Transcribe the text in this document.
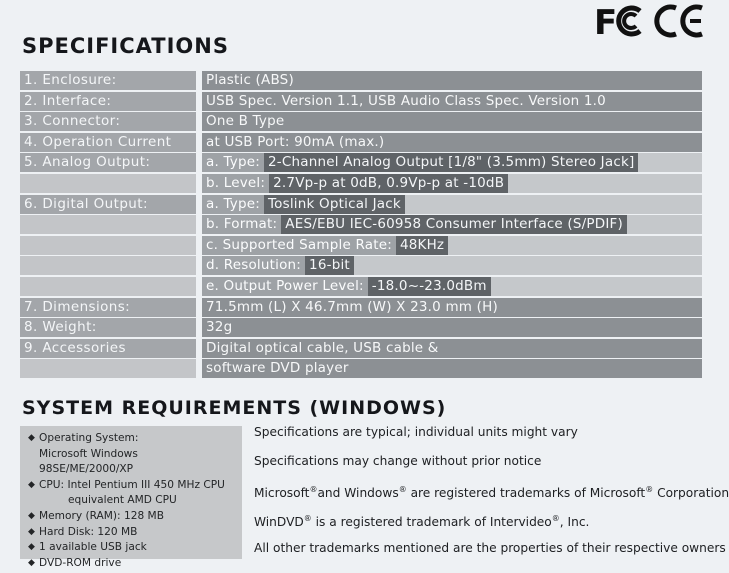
F
SPECIFICATIONS
1. Enclosure:	Plastic (ABS)
2. Interface:	USB Spec. Version 1.1, USB Audio Class Spec. Version 1.0
3. Connector:	One B Type
4. Operation Current	at USB Port: 90mA (max.)
5. Analog Output:	a. Type: 2-Channel Analog Output [1/8" (3.5mm) Stereo Jack]
b. Level: 2.7Vp-p at 0dB, 0.9Vp-p at -10dB
6. Digital Output:	a. Type: Toslink Optical Jack
b. Format: AES/EBU IEC-60958 Consumer Interface (S/PDIF)
c. Supported Sample Rate: 48KHz
d. Resolution: 16-bit
e. Output Power Level: -18.0~-23.0dBm
7. Dimensions:	71.5mm (L) X 46.7mm (W) X 23.0 mm (H)
8. Weight:	32g
9. Accessories	Digital optical cable, USB cable &
software DVD player
SYSTEM REQUIREMENTS (WINDOWS)
◆ Operating System:
Microsoft Windows 98SE/ME/2000/XP
◆ CPU: Intel Pentium III 450 MHz CPU
equivalent AMD CPU
◆ Memory (RAM): 128 MB
◆ Hard Disk: 120 MB
◆ 1 available USB jack
◆ DVD-ROM drive
Specifications are typical; individual units might vary
Specifications may change without prior notice
Microsoft®and Windows® are registered trademarks of Microsoft® Corporation
WinDVD® is a registered trademark of Intervideo®, Inc.
All other trademarks mentioned are the properties of their respective owners
